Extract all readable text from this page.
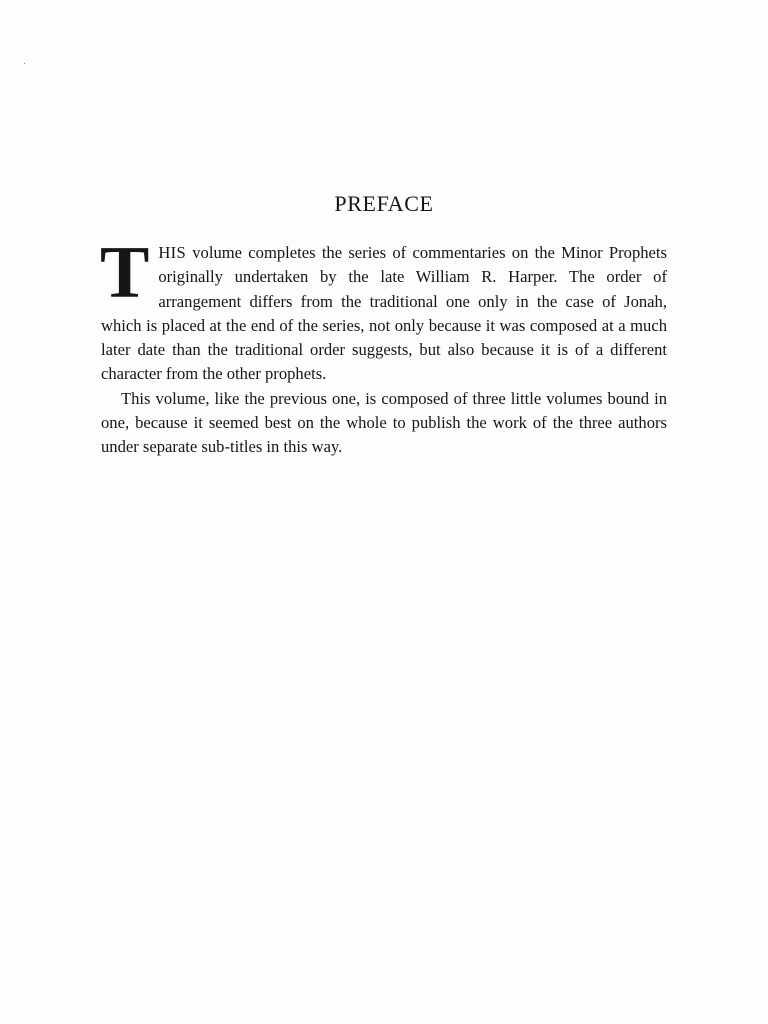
PREFACE

THIS volume completes the series of commentaries on the Minor Prophets originally undertaken by the late William R. Harper. The order of arrangement differs from the traditional one only in the case of Jonah, which is placed at the end of the series, not only because it was composed at a much later date than the traditional order suggests, but also because it is of a different character from the other prophets.

This volume, like the previous one, is composed of three little volumes bound in one, because it seemed best on the whole to publish the work of the three authors under separate sub-titles in this way.
